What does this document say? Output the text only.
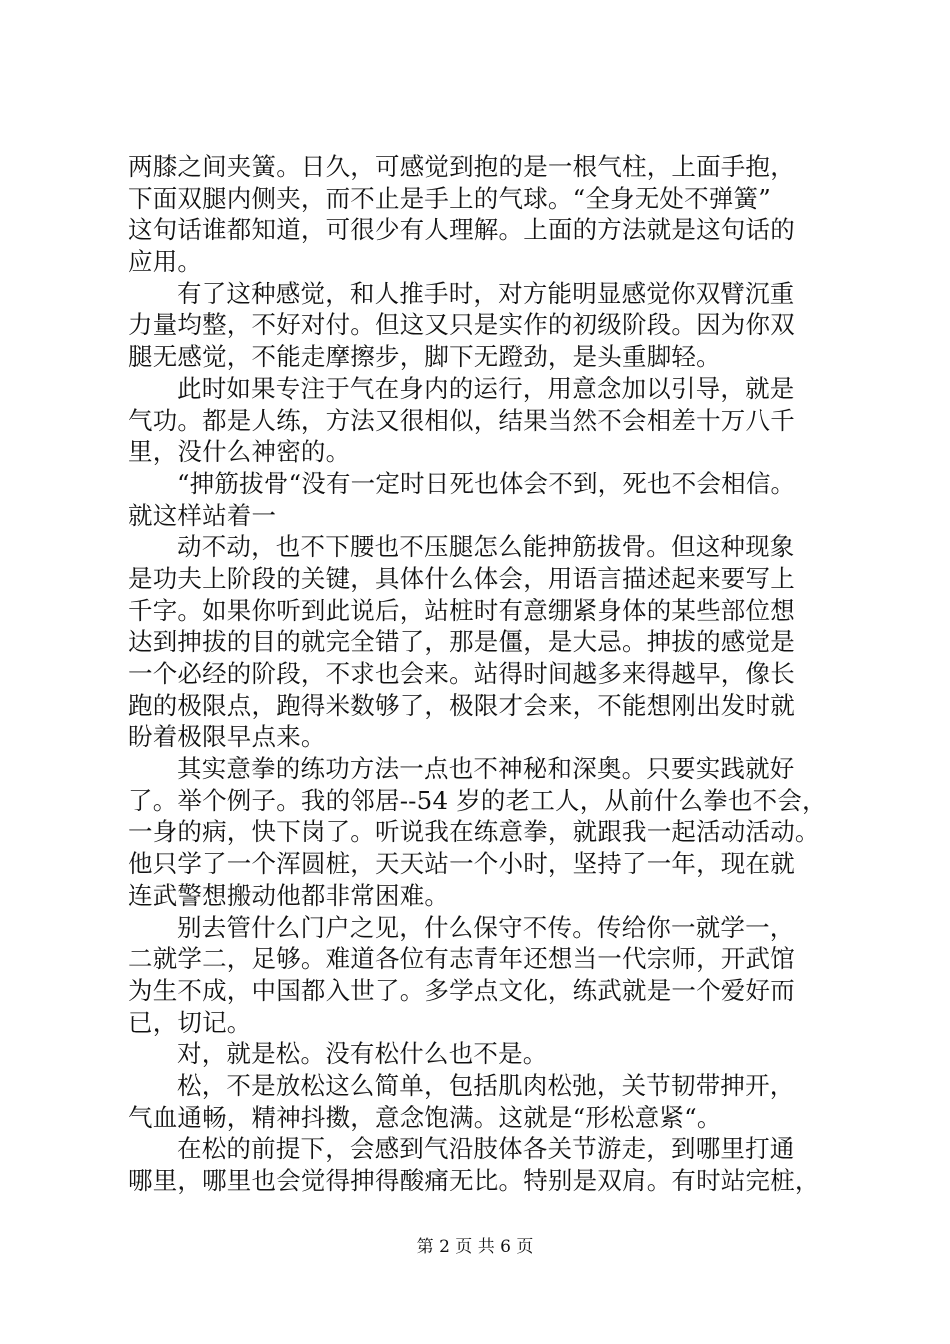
两膝之间夹簧。日久，可感觉到抱的是一根气柱，上面手抱，
下面双腿内侧夹，而不止是手上的气球。“全身无处不弹簧”
这句话谁都知道，可很少有人理解。上面的方法就是这句话的
应用。
有了这种感觉，和人推手时，对方能明显感觉你双臂沉重
力量均整，不好对付。但这又只是实作的初级阶段。因为你双
腿无感觉，不能走摩擦步，脚下无蹬劲，是头重脚轻。
此时如果专注于气在身内的运行，用意念加以引导，就是
气功。都是人练，方法又很相似，结果当然不会相差十万八千
里，没什么神密的。
“抻筋拔骨“没有一定时日死也体会不到，死也不会相信。
就这样站着一
动不动，也不下腰也不压腿怎么能抻筋拔骨。但这种现象
是功夫上阶段的关键，具体什么体会，用语言描述起来要写上
千字。如果你听到此说后，站桩时有意绷紧身体的某些部位想
达到抻拔的目的就完全错了，那是僵，是大忌。抻拔的感觉是
一个必经的阶段，不求也会来。站得时间越多来得越早，像长
跑的极限点，跑得米数够了，极限才会来，不能想刚出发时就
盼着极限早点来。
其实意拳的练功方法一点也不神秘和深奥。只要实践就好
了。举个例子。我的邻居--54 岁的老工人，从前什么拳也不会，
一身的病，快下岗了。听说我在练意拳，就跟我一起活动活动。
他只学了一个浑圆桩，天天站一个小时，坚持了一年，现在就
连武警想搬动他都非常困难。
别去管什么门户之见，什么保守不传。传给你一就学一，
二就学二，足够。难道各位有志青年还想当一代宗师，开武馆
为生不成，中国都入世了。多学点文化，练武就是一个爱好而
已，切记。
对，就是松。没有松什么也不是。
松，不是放松这么简单，包括肌肉松弛，关节韧带抻开，
气血通畅，精神抖擞，意念饱满。这就是“形松意紧“。
在松的前提下，会感到气沿肢体各关节游走，到哪里打通
哪里，哪里也会觉得抻得酸痛无比。特别是双肩。有时站完桩，
第 2 页 共 6 页
